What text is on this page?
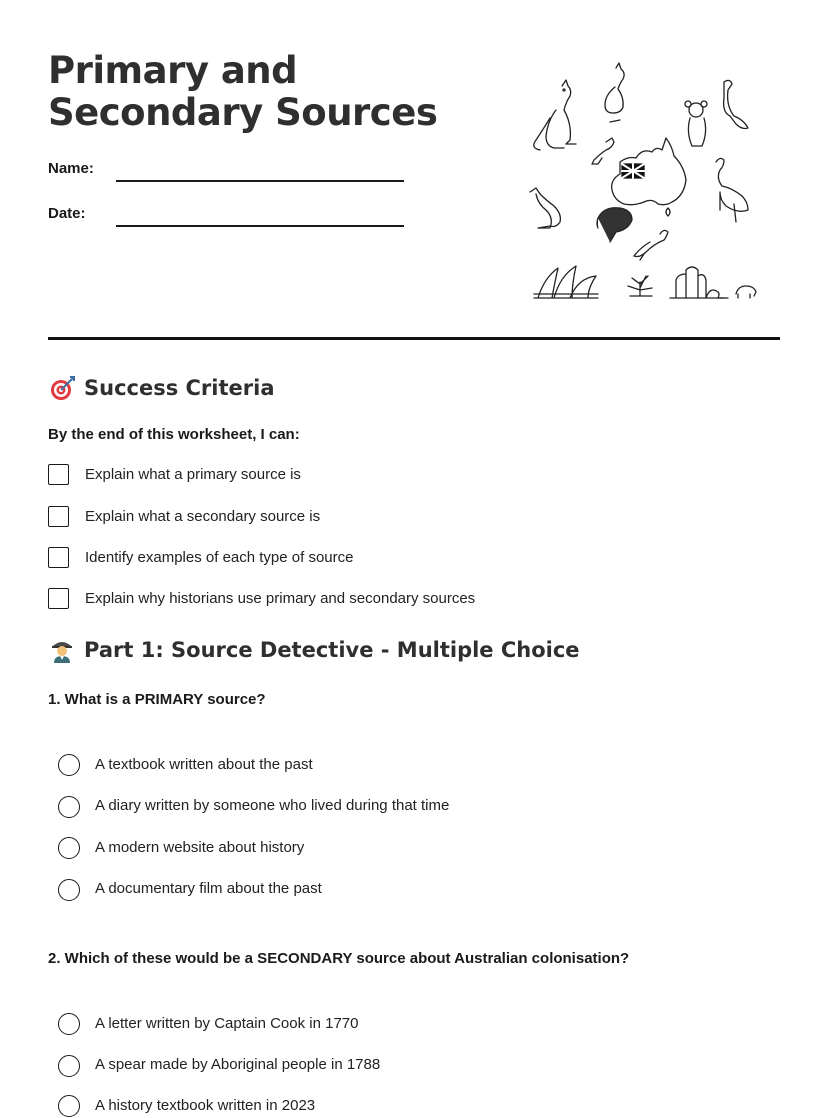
Primary and Secondary Sources
Name:
Date:
Success Criteria
By the end of this worksheet, I can:
Explain what a primary source is
Explain what a secondary source is
Identify examples of each type of source
Explain why historians use primary and secondary sources
Part 1: Source Detective - Multiple Choice
1. What is a PRIMARY source?
A textbook written about the past
A diary written by someone who lived during that time
A modern website about history
A documentary film about the past
2. Which of these would be a SECONDARY source about Australian colonisation?
A letter written by Captain Cook in 1770
A spear made by Aboriginal people in 1788
A history textbook written in 2023
